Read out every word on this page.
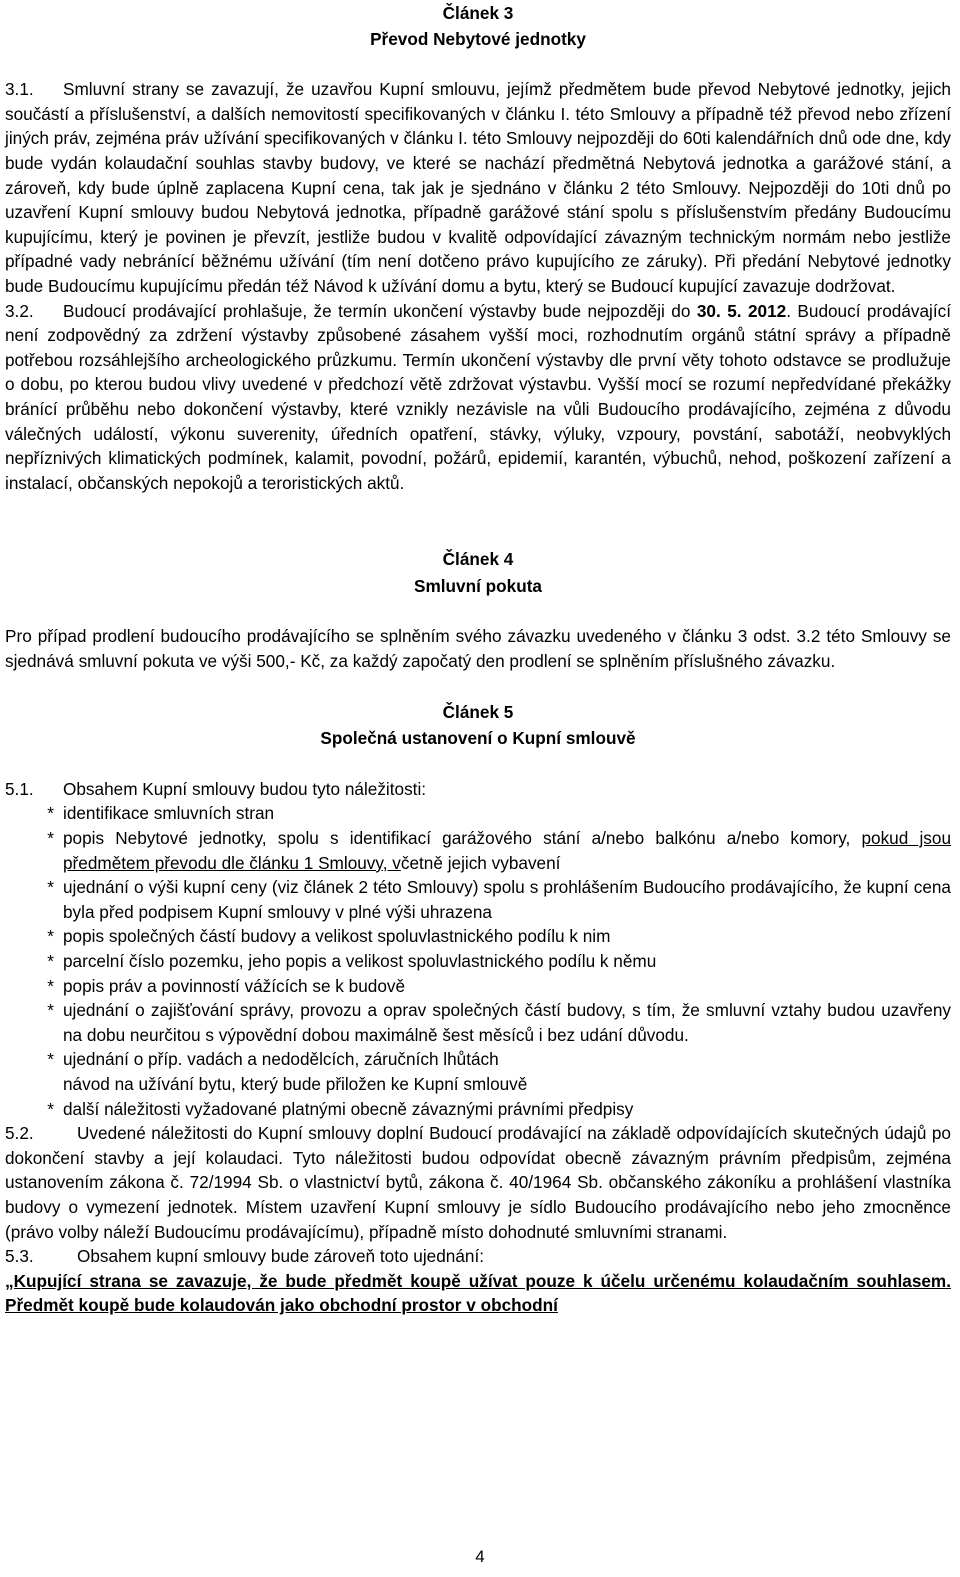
Článek 3

Převod Nebytové jednotky

3.1. Smluvní strany se zavazují, že uzavřou Kupní smlouvu, jejímž předmětem bude převod Nebytové jednotky, jejich součástí a příslušenství, a dalších nemovitostí specifikovaných v článku I. této Smlouvy a případně též převod nebo zřízení jiných práv, zejména práv užívání specifikovaných v článku I. této Smlouvy nejpozději do 60ti kalendářních dnů ode dne, kdy bude vydán kolaudační souhlas stavby budovy, ve které se nachází předmětná Nebytová jednotka a garážové stání, a zároveň, kdy bude úplně zaplacena Kupní cena, tak jak je sjednáno v článku 2 této Smlouvy. Nejpozději do 10ti dnů po uzavření Kupní smlouvy budou Nebytová jednotka, případně garážové stání spolu s příslušenstvím předány Budoucímu kupujícímu, který je povinen je převzít, jestliže budou v kvalitě odpovídající závazným technickým normám nebo jestliže případné vady nebránící běžnému užívání (tím není dotčeno právo kupujícího ze záruky). Při předání Nebytové jednotky bude Budoucímu kupujícímu předán též Návod k užívání domu a bytu, který se Budoucí kupující zavazuje dodržovat.

3.2. Budoucí prodávající prohlašuje, že termín ukončení výstavby bude nejpozději do 30. 5. 2012. Budoucí prodávající není zodpovědný za zdržení výstavby způsobené zásahem vyšší moci, rozhodnutím orgánů státní správy a případně potřebou rozsáhlejšího archeologického průzkumu. Termín ukončení výstavby dle první věty tohoto odstavce se prodlužuje o dobu, po kterou budou vlivy uvedené v předchozí větě zdržovat výstavbu. Vyšší mocí se rozumí nepředvídané překážky bránící průběhu nebo dokončení výstavby, které vznikly nezávisle na vůli Budoucího prodávajícího, zejména z důvodu válečných událostí, výkonu suverenity, úředních opatření, stávky, výluky, vzpoury, povstání, sabotáží, neobvyklých nepříznivých klimatických podmínek, kalamit, povodní, požárů, epidemií, karantén, výbuchů, nehod, poškození zařízení a instalací, občanských nepokojů a teroristických aktů.

Článek 4

Smluvní pokuta

Pro případ prodlení budoucího prodávajícího se splněním svého závazku uvedeného v článku 3 odst. 3.2 této Smlouvy se sjednává smluvní pokuta ve výši 500,- Kč, za každý započatý den prodlení se splněním příslušného závazku.

Článek 5

Společná ustanovení o Kupní smlouvě

5.1. Obsahem Kupní smlouvy budou tyto náležitosti:

* identifikace smluvních stran
* popis Nebytové jednotky, spolu s identifikací garážového stání a/nebo balkónu a/nebo komory, pokud jsou předmětem převodu dle článku 1 Smlouvy, včetně jejich vybavení
* ujednání o výši kupní ceny (viz článek 2 této Smlouvy) spolu s prohlášením Budoucího prodávajícího, že kupní cena byla před podpisem Kupní smlouvy v plné výši uhrazena
* popis společných částí budovy a velikost spoluvlastnického podílu k nim
* parcelní číslo pozemku, jeho popis a velikost spoluvlastnického podílu k němu
* popis práv a povinností vážících se k budově
* ujednání o zajišťování správy, provozu a oprav společných částí budovy, s tím, že smluvní vztahy budou uzavřeny na dobu neurčitou s výpovědní dobou maximálně šest měsíců i bez udání důvodu.
* ujednání o příp. vadách a nedodělcích, záručních lhůtách
návod na užívání bytu, který bude přiložen ke Kupní smlouvě
* další náležitosti vyžadované platnými obecně závaznými právními předpisy

5.2.	Uvedené náležitosti do Kupní smlouvy doplní Budoucí prodávající na základě odpovídajících skutečných údajů po dokončení stavby a její kolaudaci. Tyto náležitosti budou odpovídat obecně závazným právním předpisům, zejména ustanovením zákona č. 72/1994 Sb. o vlastnictví bytů, zákona č. 40/1964 Sb. občanského zákoníku a prohlášení vlastníka budovy o vymezení jednotek. Místem uzavření Kupní smlouvy je sídlo Budoucího prodávajícího nebo jeho zmocněnce (právo volby náleží Budoucímu prodávajícímu), případně místo dohodnuté smluvními stranami.

5.3.	Obsahem kupní smlouvy bude zároveň toto ujednání:

„Kupující strana se zavazuje, že bude předmět koupě užívat pouze k účelu určenému kolaudačním souhlasem. Předmět koupě bude kolaudován jako obchodní prostor v obchodní

4
